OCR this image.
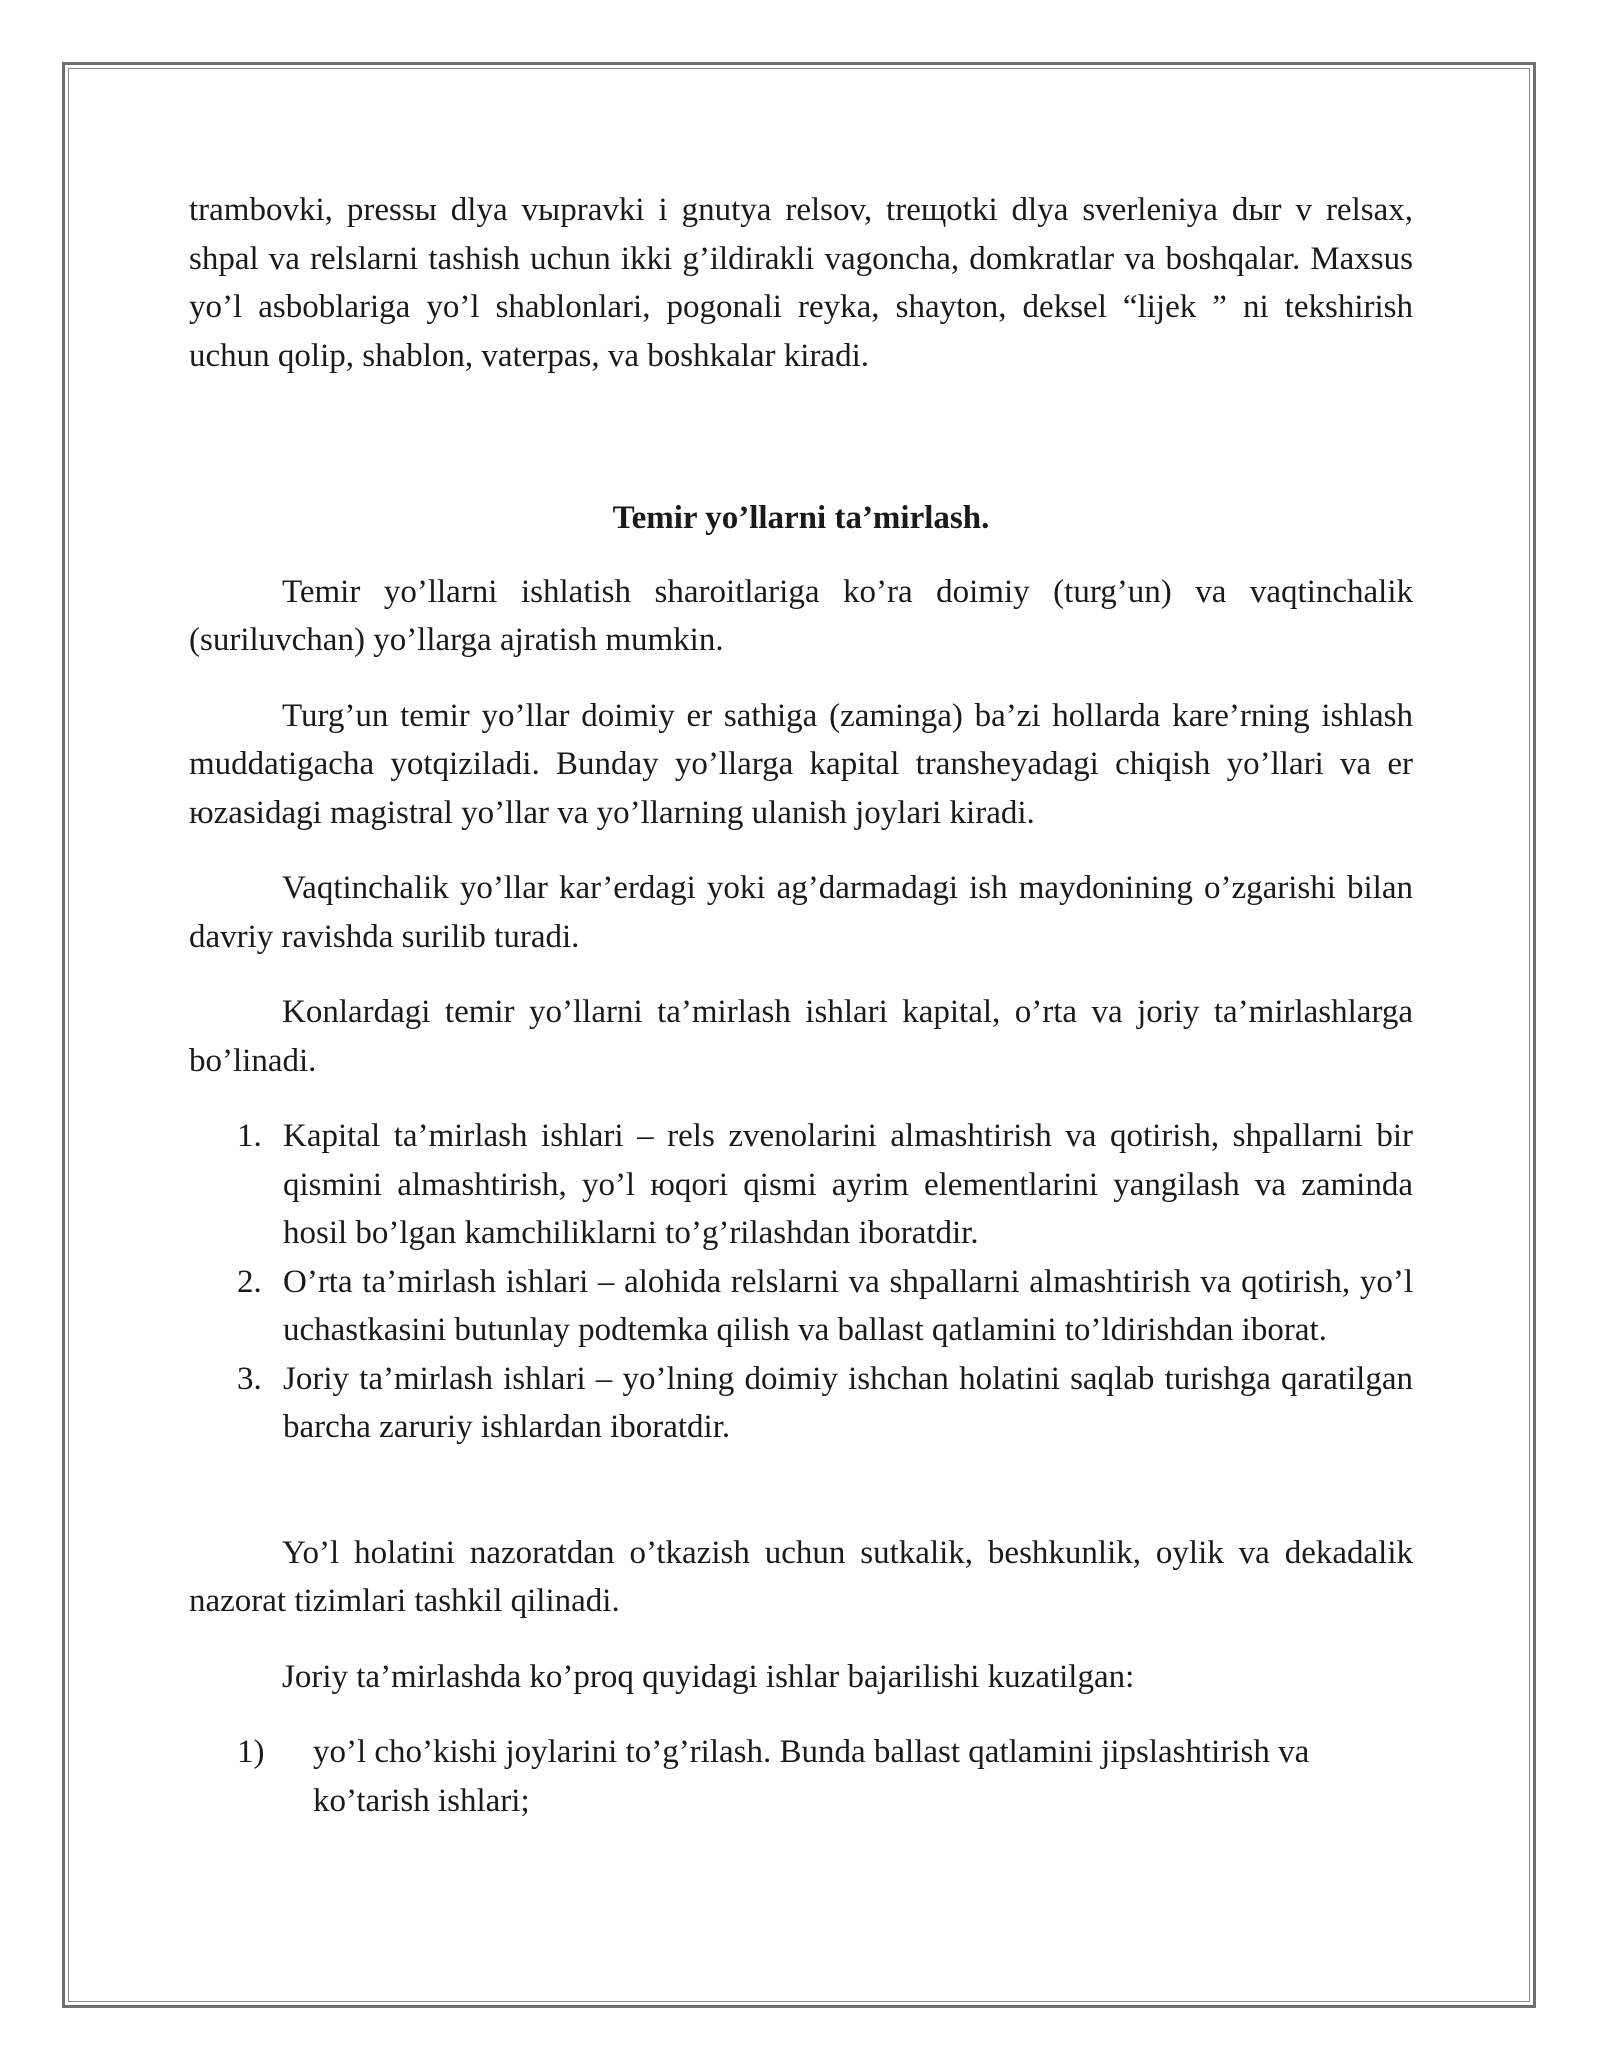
trambovki, pressы dlya vыpravki i gnutya relsov, treщotki dlya sverleniya dыr v relsax, shpal va relslarni tashish uchun ikki g’ildirakli vagoncha, domkratlar va boshqalar. Maxsus yo’l asboblariga yo’l shablonlari, pogonali reyka, shayton, deksel “lijek ” ni tekshirish uchun qolip, shablon, vaterpas, va boshkalar kiradi.

Temir yo’llarni ta’mirlash.

Temir yo’llarni ishlatish sharoitlariga ko’ra doimiy (turg’un) va vaqtinchalik (suriluvchan) yo’llarga ajratish mumkin.

Turg’un temir yo’llar doimiy er sathiga (zaminga) ba’zi hollarda kare’rning ishlash muddatigacha yotqiziladi. Bunday yo’llarga kapital transheyadagi chiqish yo’llari va er юzasidagi magistral yo’llar va yo’llarning ulanish joylari kiradi.

Vaqtinchalik yo’llar kar’erdagi yoki ag’darmadagi ish maydonining o’zgarishi bilan davriy ravishda surilib turadi.

Konlardagi temir yo’llarni ta’mirlash ishlari kapital, o’rta va joriy ta’mirlashlarga bo’linadi.

1. Kapital ta’mirlash ishlari – rels zvenolarini almashtirish va qotirish, shpallarni bir qismini almashtirish, yo’l юqori qismi ayrim elementlarini yangilash va zaminda hosil bo’lgan kamchiliklarni to’g’rilashdan iboratdir.
2. O’rta ta’mirlash ishlari – alohida relslarni va shpallarni almashtirish va qotirish, yo’l uchastkasini butunlay podtemka qilish va ballast qatlamini to’ldirishdan iborat.
3. Joriy ta’mirlash ishlari – yo’lning doimiy ishchan holatini saqlab turishga qaratilgan barcha zaruriy ishlardan iboratdir.

Yo’l holatini nazoratdan o’tkazish uchun sutkalik, beshkunlik, oylik va dekadalik nazorat tizimlari tashkil qilinadi.

Joriy ta’mirlashda ko’proq quyidagi ishlar bajarilishi kuzatilgan:

1) yo’l cho’kishi joylarini to’g’rilash. Bunda ballast qatlamini jipslashtirish va ko’tarish ishlari;
